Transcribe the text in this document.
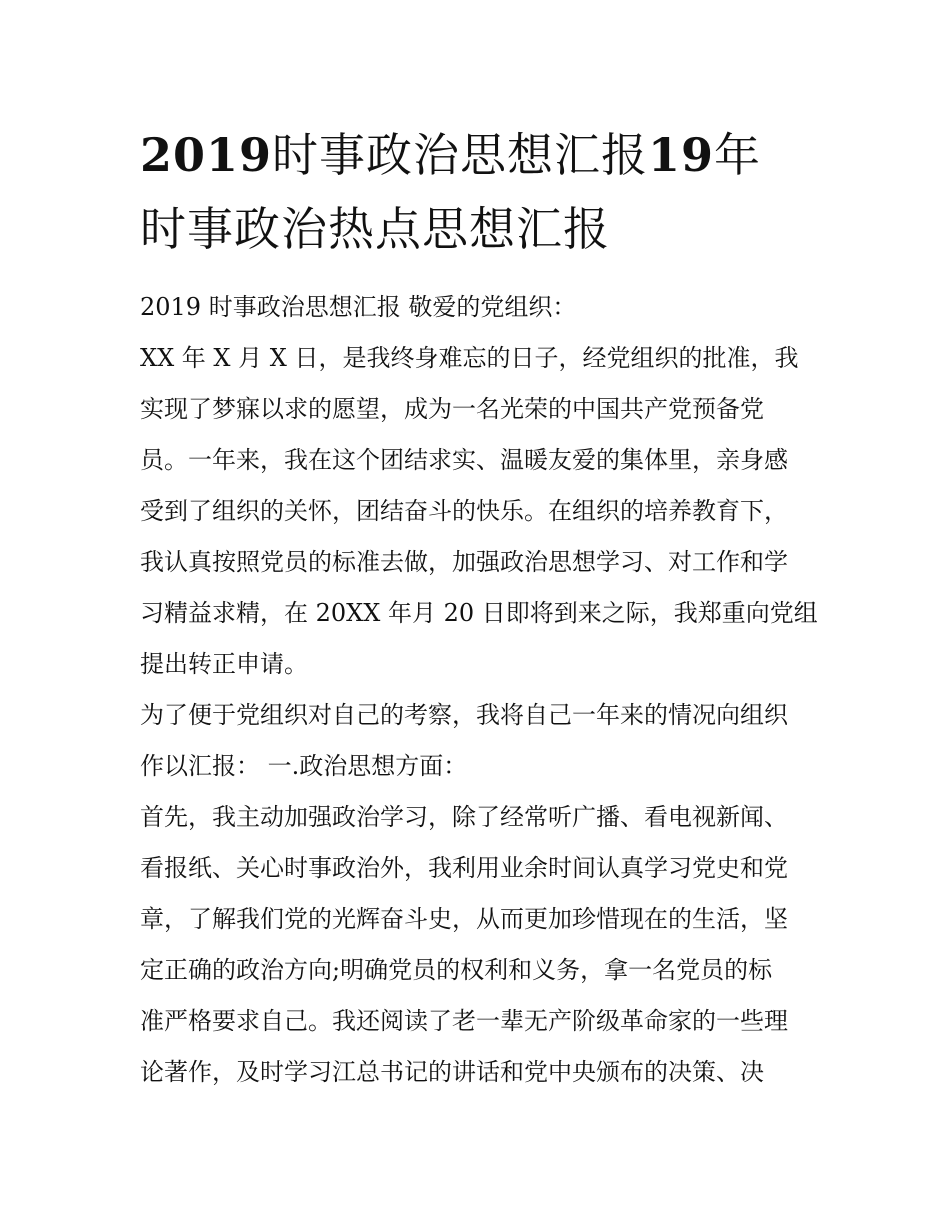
2019时事政治思想汇报19年
时事政治热点思想汇报
2019 时事政治思想汇报 敬爱的党组织：
XX 年 X 月 X 日，是我终身难忘的日子，经党组织的批准，我
实现了梦寐以求的愿望，成为一名光荣的中国共产党预备党
员。一年来，我在这个团结求实、温暖友爱的集体里，亲身感
受到了组织的关怀，团结奋斗的快乐。在组织的培养教育下，
我认真按照党员的标准去做，加强政治思想学习、对工作和学
习精益求精，在 20XX 年月 20 日即将到来之际，我郑重向党组
提出转正申请。
为了便于党组织对自己的考察，我将自己一年来的情况向组织
作以汇报： 一.政治思想方面：
首先，我主动加强政治学习，除了经常听广播、看电视新闻、
看报纸、关心时事政治外，我利用业余时间认真学习党史和党
章，了解我们党的光辉奋斗史，从而更加珍惜现在的生活，坚
定正确的政治方向;明确党员的权利和义务，拿一名党员的标
准严格要求自己。我还阅读了老一辈无产阶级革命家的一些理
论著作，及时学习江总书记的讲话和党中央颁布的决策、决
